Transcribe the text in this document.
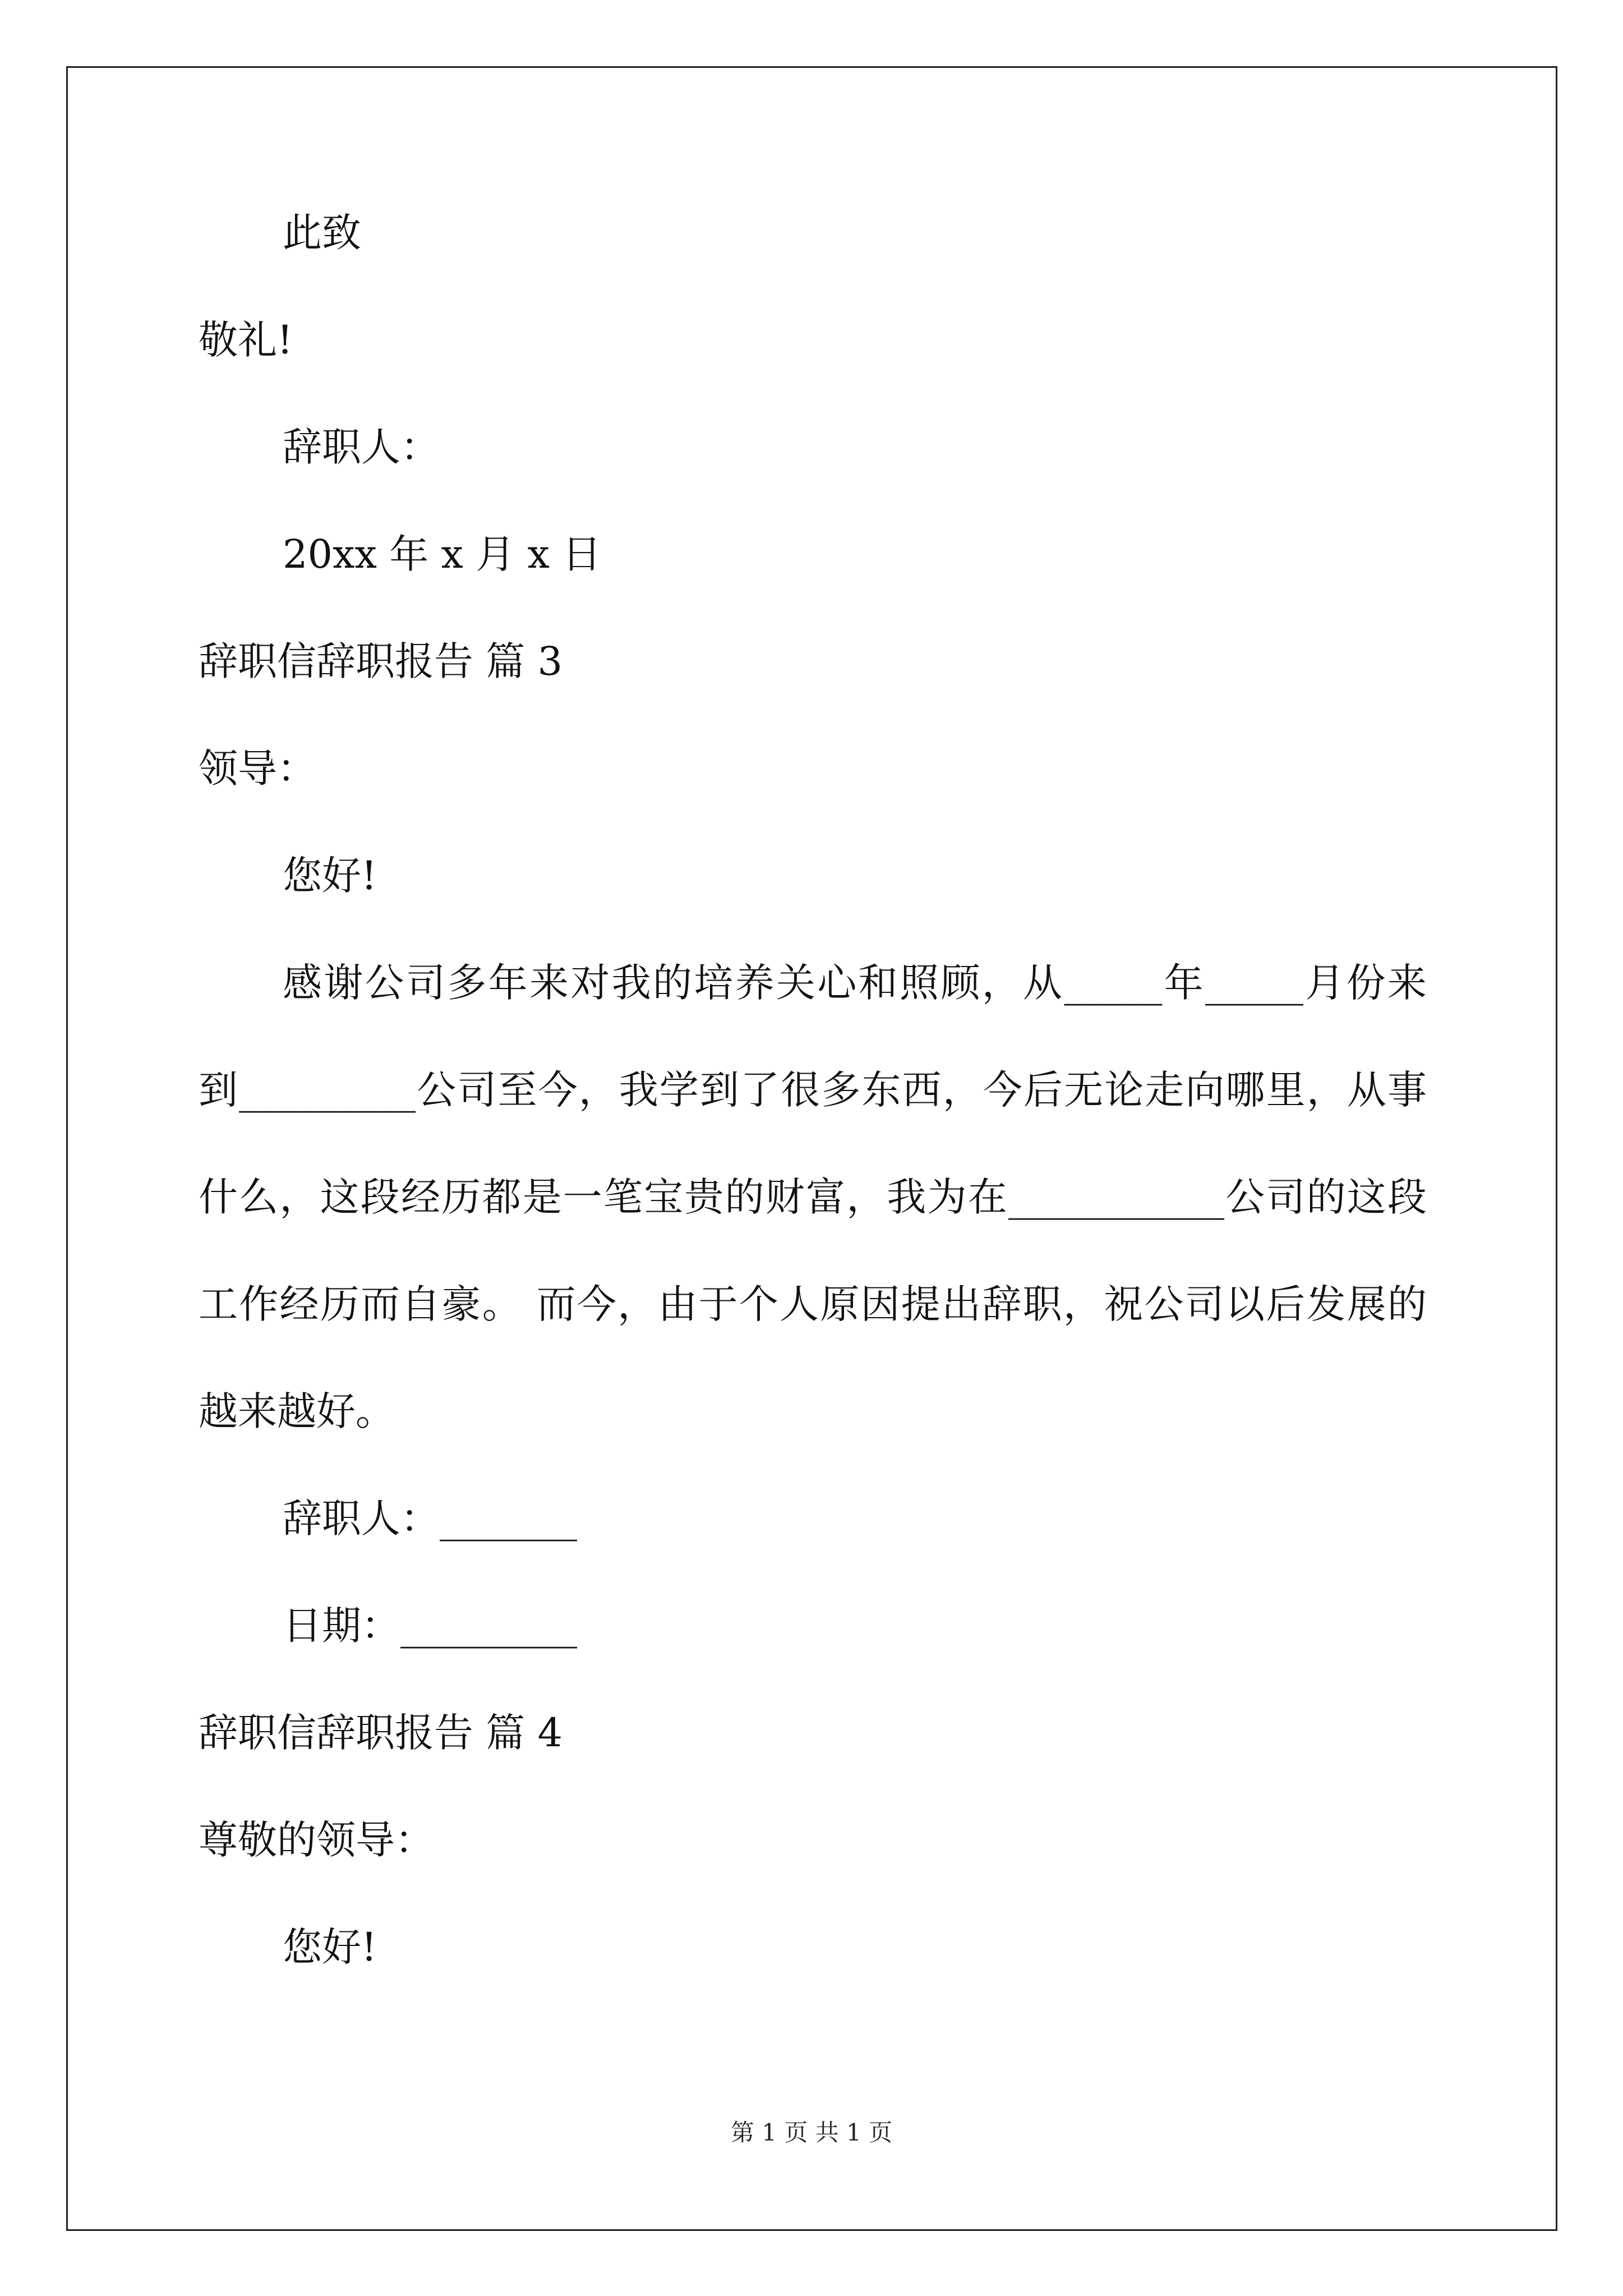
此致
敬礼!
辞职人：
20xx 年 x 月 x 日
辞职信辞职报告 篇 3
领导：
您好!
感谢公司多年来对我的培养关心和照顾，从_____年_____月份来
到_________公司至今，我学到了很多东西，今后无论走向哪里，从事
什么，这段经历都是一笔宝贵的财富，我为在___________公司的这段
工作经历而自豪。 而今，由于个人原因提出辞职，祝公司以后发展的
越来越好。
辞职人：_______
日期：_________
辞职信辞职报告 篇 4
尊敬的领导：
您好!
第 1 页 共 1 页
